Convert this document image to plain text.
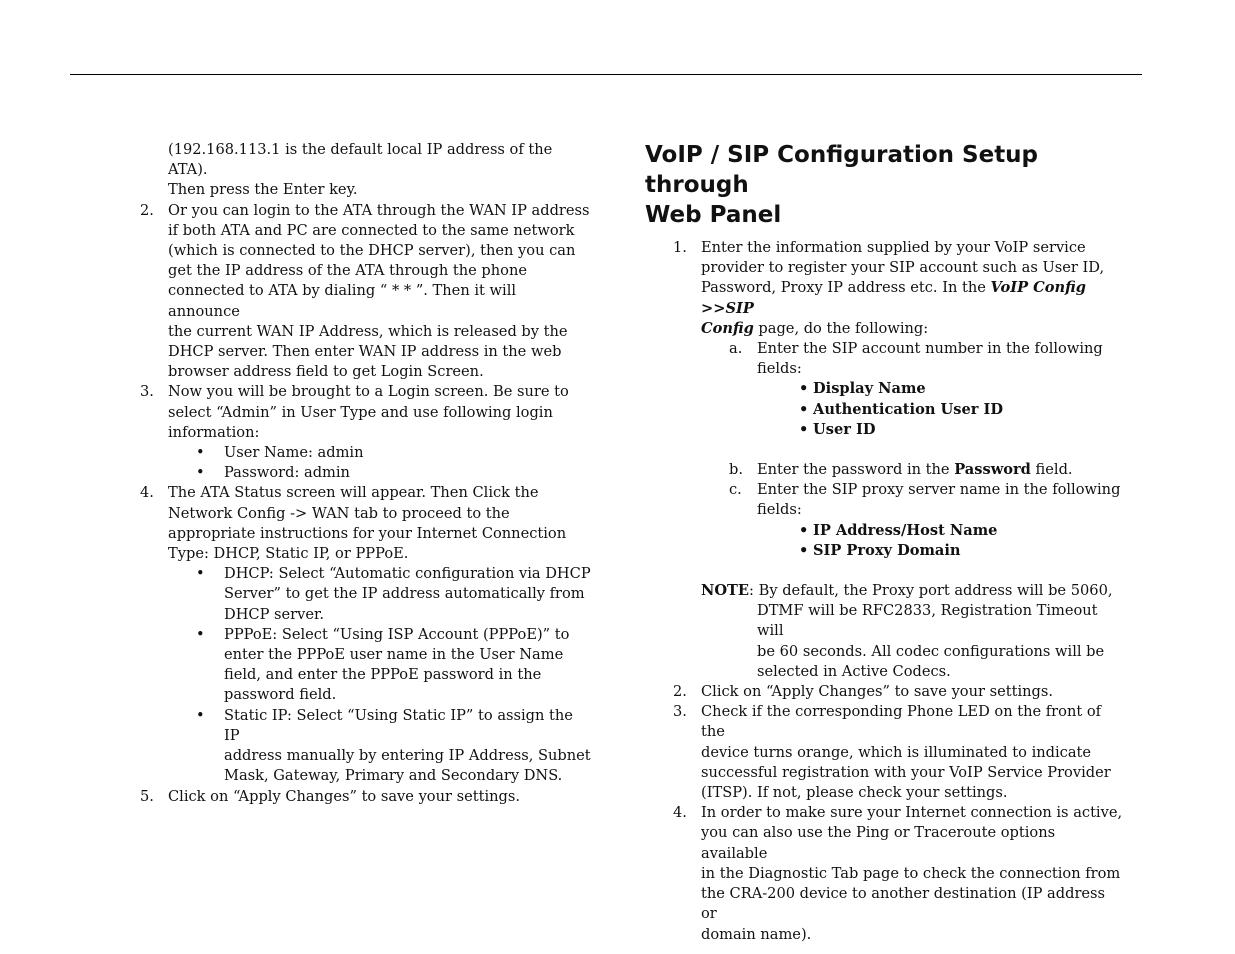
(192.168.113.1 is the default local IP address of the ATA).
Then press the Enter key.
2. Or you can login to the ATA through the WAN IP address
if both ATA and PC are connected to the same network
(which is connected to the DHCP server), then you can
get the IP address of the ATA through the phone
connected to ATA by dialing “ * * ”. Then it will announce
the current WAN IP Address, which is released by the
DHCP server. Then enter WAN IP address in the web
browser address field to get Login Screen.
3. Now you will be brought to a Login screen. Be sure to
select “Admin” in User Type and use following login
information:
• User Name: admin
• Password: admin
4. The ATA Status screen will appear. Then Click the
Network Config -> WAN tab to proceed to the
appropriate instructions for your Internet Connection
Type: DHCP, Static IP, or PPPoE.
• DHCP: Select “Automatic configuration via DHCP
Server” to get the IP address automatically from
DHCP server.
• PPPoE: Select “Using ISP Account (PPPoE)” to
enter the PPPoE user name in the User Name
field, and enter the PPPoE password in the
password field.
• Static IP: Select “Using Static IP” to assign the IP
address manually by entering IP Address, Subnet
Mask, Gateway, Primary and Secondary DNS.
5. Click on “Apply Changes” to save your settings.
VoIP / SIP Configuration Setup through
Web Panel
1. Enter the information supplied by your VoIP service
provider to register your SIP account such as User ID,
Password, Proxy IP address etc. In the VoIP Config >>SIP
Config page, do the following:
a. Enter the SIP account number in the following
fields:
• Display Name
• Authentication User ID
• User ID
b. Enter the password in the Password field.
c. Enter the SIP proxy server name in the following
fields:
• IP Address/Host Name
• SIP Proxy Domain
NOTE: By default, the Proxy port address will be 5060,
DTMF will be RFC2833, Registration Timeout will
be 60 seconds. All codec configurations will be
selected in Active Codecs.
2. Click on “Apply Changes” to save your settings.
3. Check if the corresponding Phone LED on the front of the
device turns orange, which is illuminated to indicate
successful registration with your VoIP Service Provider
(ITSP). If not, please check your settings.
4. In order to make sure your Internet connection is active,
you can also use the Ping or Traceroute options available
in the Diagnostic Tab page to check the connection from
the CRA-200 device to another destination (IP address or
domain name).
